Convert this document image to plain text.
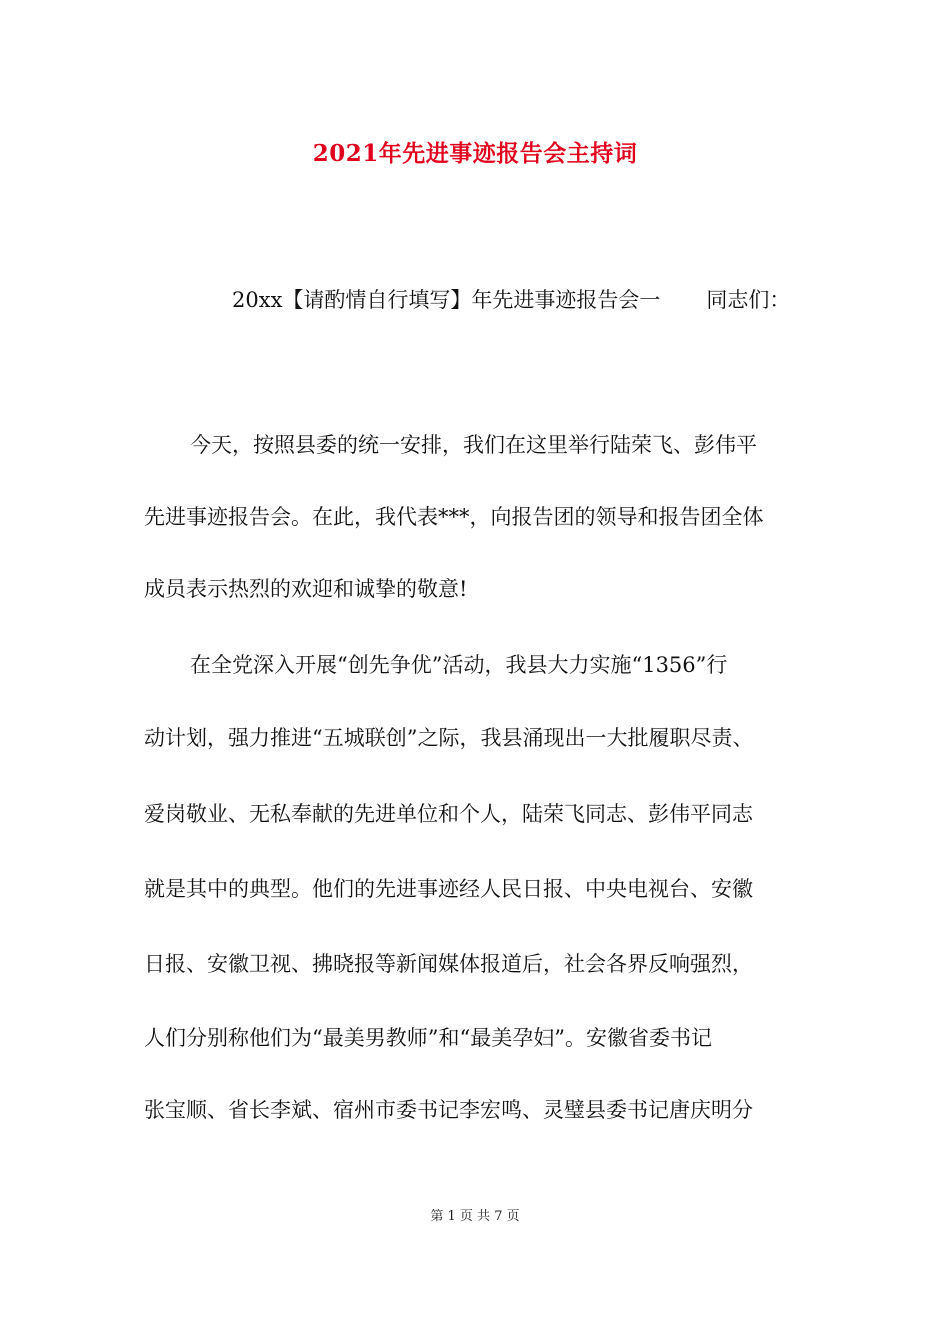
2021年先进事迹报告会主持词
20xx【请酌情自行填写】年先进事迹报告会一 同志们：
今天，按照县委的统一安排，我们在这里举行陆荣飞、彭伟平
先进事迹报告会。在此，我代表***，向报告团的领导和报告团全体
成员表示热烈的欢迎和诚挚的敬意!
在全党深入开展“创先争优”活动，我县大力实施“1356”行
动计划，强力推进“五城联创”之际，我县涌现出一大批履职尽责、
爱岗敬业、无私奉献的先进单位和个人，陆荣飞同志、彭伟平同志
就是其中的典型。他们的先进事迹经人民日报、中央电视台、安徽
日报、安徽卫视、拂晓报等新闻媒体报道后，社会各界反响强烈，
人们分别称他们为“最美男教师”和“最美孕妇”。安徽省委书记
张宝顺、省长李斌、宿州市委书记李宏鸣、灵璧县委书记唐庆明分
第 1 页 共 7 页
